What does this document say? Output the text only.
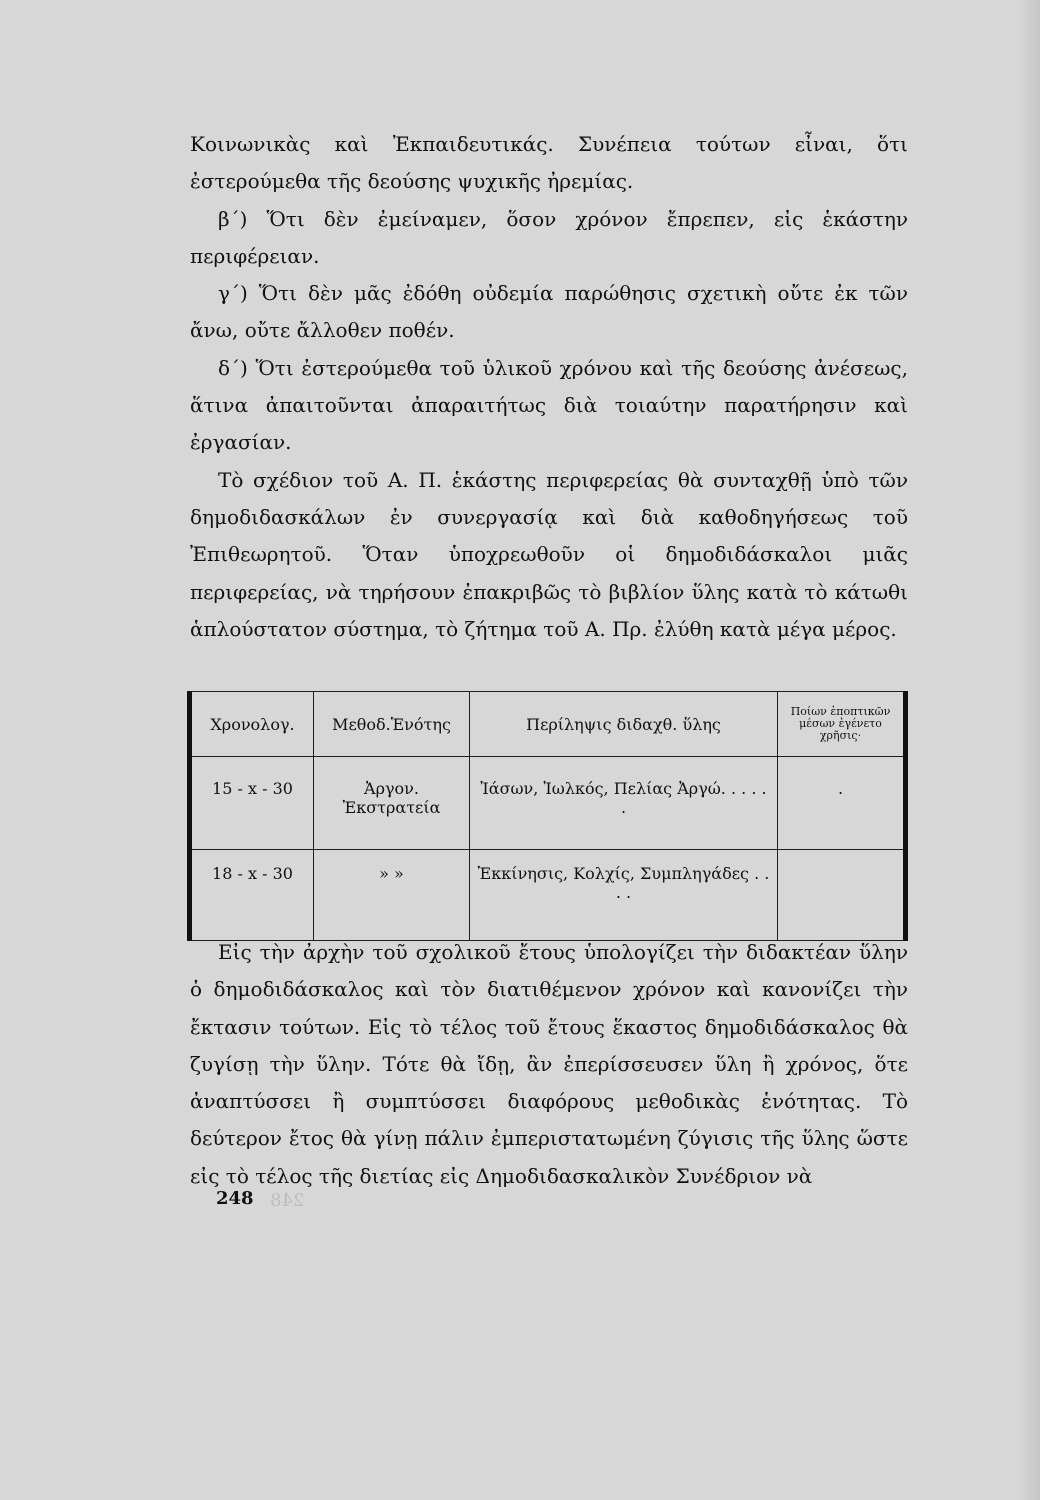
Κοινωνικὰς καὶ Ἐκπαιδευτικάς. Συνέπεια τούτων εἶναι, ὅτι ἐστερούμεθα τῆς δεούσης ψυχικῆς ἠρεμίας.

β´) Ὅτι δὲν ἐμείναμεν, ὅσον χρόνον ἔπρεπεν, εἰς ἑκάστην περιφέρειαν.

γ´) Ὅτι δὲν μᾶς ἐδόθη οὐδεμία παρώθησις σχετικὴ οὔτε ἐκ τῶν ἄνω, οὔτε ἄλλοθεν ποθέν.

δ´) Ὅτι ἐστερούμεθα τοῦ ὑλικοῦ χρόνου καὶ τῆς δεούσης ἀνέσεως, ἅτινα ἀπαιτοῦνται ἀπαραιτήτως διὰ τοιαύτην παρατήρησιν καὶ ἐργασίαν.

Τὸ σχέδιον τοῦ Α. Π. ἑκάστης περιφερείας θὰ συνταχθῇ ὑπὸ τῶν δημοδιδασκάλων ἐν συνεργασίᾳ καὶ διὰ καθοδηγήσεως τοῦ Ἐπιθεωρητοῦ. Ὅταν ὑποχρεωθοῦν οἱ δημοδιδάσκαλοι μιᾶς περιφερείας, νὰ τηρήσουν ἐπακριβῶς τὸ βιβλίον ὕλης κατὰ τὸ κάτωθι ἁπλούστατον σύστημα, τὸ ζήτημα τοῦ Α. Πρ. ἐλύθη κατὰ μέγα μέρος.

Χρονολογ.	Μεθοδ.Ἑνότης	Περίληψις διδαχθ. ὕλης	Ποίων ἐποπτικῶν μέσων ἐγένετο χρῆσις·
15 - x - 30	Ἀργον. Ἐκστρατεία	Ἰάσων, Ἰωλκός, Πελίας Ἀργώ. . . . . .	.
18 - x - 30	» »	Ἐκκίνησις, Κολχίς, Συμπληγάδες . . . .	

Εἰς τὴν ἀρχὴν τοῦ σχολικοῦ ἔτους ὑπολογίζει τὴν διδακτέαν ὕλην ὁ δημοδιδάσκαλος καὶ τὸν διατιθέμενον χρόνον καὶ κανονίζει τὴν ἔκτασιν τούτων. Εἰς τὸ τέλος τοῦ ἔτους ἕκαστος δημοδιδάσκαλος θὰ ζυγίσῃ τὴν ὕλην. Τότε θὰ ἴδῃ, ἂν ἐπερίσσευσεν ὕλη ἢ χρόνος, ὅτε ἀναπτύσσει ἢ συμπτύσσει διαφόρους μεθοδικὰς ἑνότητας. Τὸ δεύτερον ἔτος θὰ γίνῃ πάλιν ἐμπεριστατωμένη ζύγισις τῆς ὕλης ὥστε εἰς τὸ τέλος τῆς διετίας εἰς Δημοδιδασκαλικὸν Συνέδριον νὰ

248 248
